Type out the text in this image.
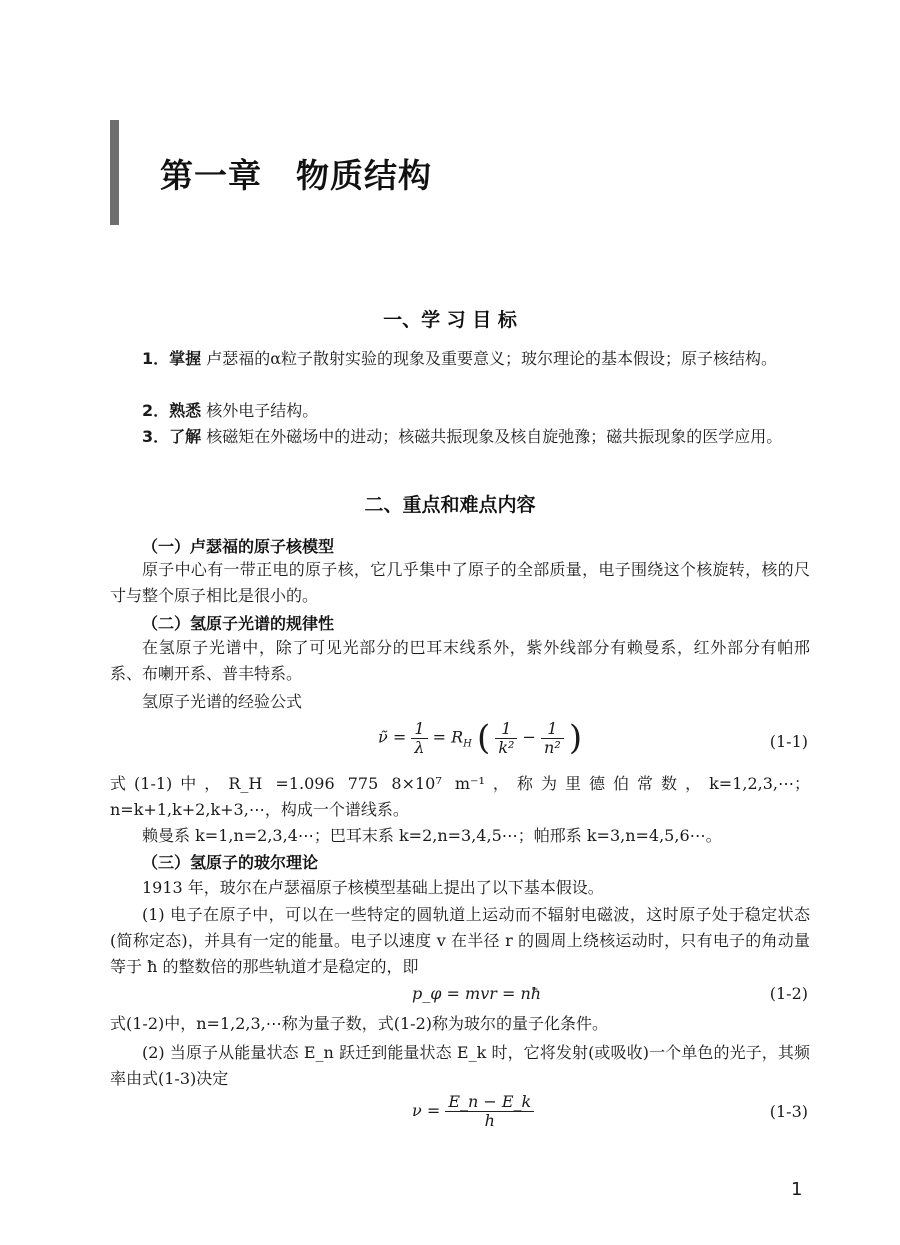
第一章　物质结构
一、学 习 目 标
1．掌握 卢瑟福的α粒子散射实验的现象及重要意义；玻尔理论的基本假设；原子核结构。
2．熟悉 核外电子结构。
3．了解 核磁矩在外磁场中的进动；核磁共振现象及核自旋弛豫；磁共振现象的医学应用。
二、重点和难点内容
（一）卢瑟福的原子核模型
原子中心有一带正电的原子核，它几乎集中了原子的全部质量，电子围绕这个核旋转，核的尺寸与整个原子相比是很小的。
（二）氢原子光谱的规律性
在氢原子光谱中，除了可见光部分的巴耳末线系外，紫外线部分有赖曼系，红外部分有帕邢系、布喇开系、普丰特系。
氢原子光谱的经验公式
ν̃ = $\frac{1}{\lambda} = R_H$ ( $\frac{1}{\text{k²}} - \frac{1}{\text{n²}}$ )	(1-1)
式(1-1)中，R_H =1.096 775 8×10⁷ m⁻¹，称为里德伯常数，k=1,2,3,⋯；n=k+1,k+2,k+3,⋯，构成一个谱线系。
赖曼系 k=1,n=2,3,4⋯；巴耳末系 k=2,n=3,4,5⋯；帕邢系 k=3,n=4,5,6⋯。
（三）氢原子的玻尔理论
1913 年，玻尔在卢瑟福原子核模型基础上提出了以下基本假设。
(1) 电子在原子中，可以在一些特定的圆轨道上运动而不辐射电磁波，这时原子处于稳定状态(简称定态)，并具有一定的能量。电子以速度 v 在半径 r 的圆周上绕核运动时，只有电子的角动量等于 ħ 的整数倍的那些轨道才是稳定的，即
p_φ = mvr = nħ	(1-2)
式(1-2)中，n=1,2,3,⋯称为量子数，式(1-2)称为玻尔的量子化条件。
(2) 当原子从能量状态 E_n 跃迁到能量状态 E_k 时，它将发射(或吸收)一个单色的光子，其频率由式(1-3)决定
$\nu = \frac{E\_n - E\_k}{h}$	(1-3)
1
